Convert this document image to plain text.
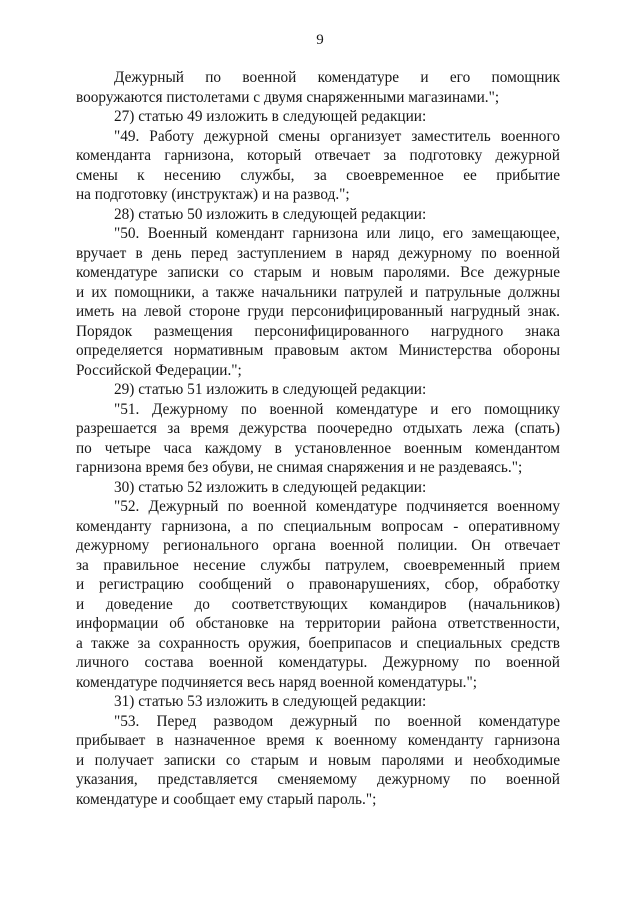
9
Дежурный по военной комендатуре и его помощник
вооружаются пистолетами с двумя снаряженными магазинами.";
27) статью 49 изложить в следующей редакции:
"49. Работу дежурной смены организует заместитель военного
коменданта гарнизона, который отвечает за подготовку дежурной
смены к несению службы, за своевременное ее прибытие
на подготовку (инструктаж) и на развод.";
28) статью 50 изложить в следующей редакции:
"50. Военный комендант гарнизона или лицо, его замещающее,
вручает в день перед заступлением в наряд дежурному по военной
комендатуре записки со старым и новым паролями. Все дежурные
и их помощники, а также начальники патрулей и патрульные должны
иметь на левой стороне груди персонифицированный нагрудный знак.
Порядок размещения персонифицированного нагрудного знака
определяется нормативным правовым актом Министерства обороны
Российской Федерации.";
29) статью 51 изложить в следующей редакции:
"51. Дежурному по военной комендатуре и его помощнику
разрешается за время дежурства поочередно отдыхать лежа (спать)
по четыре часа каждому в установленное военным комендантом
гарнизона время без обуви, не снимая снаряжения и не раздеваясь.";
30) статью 52 изложить в следующей редакции:
"52. Дежурный по военной комендатуре подчиняется военному
коменданту гарнизона, а по специальным вопросам - оперативному
дежурному регионального органа военной полиции. Он отвечает
за правильное несение службы патрулем, своевременный прием
и регистрацию сообщений о правонарушениях, сбор, обработку
и доведение до соответствующих командиров (начальников)
информации об обстановке на территории района ответственности,
а также за сохранность оружия, боеприпасов и специальных средств
личного состава военной комендатуры. Дежурному по военной
комендатуре подчиняется весь наряд военной комендатуры.";
31) статью 53 изложить в следующей редакции:
"53. Перед разводом дежурный по военной комендатуре
прибывает в назначенное время к военному коменданту гарнизона
и получает записки со старым и новым паролями и необходимые
указания, представляется сменяемому дежурному по военной
комендатуре и сообщает ему старый пароль.";
